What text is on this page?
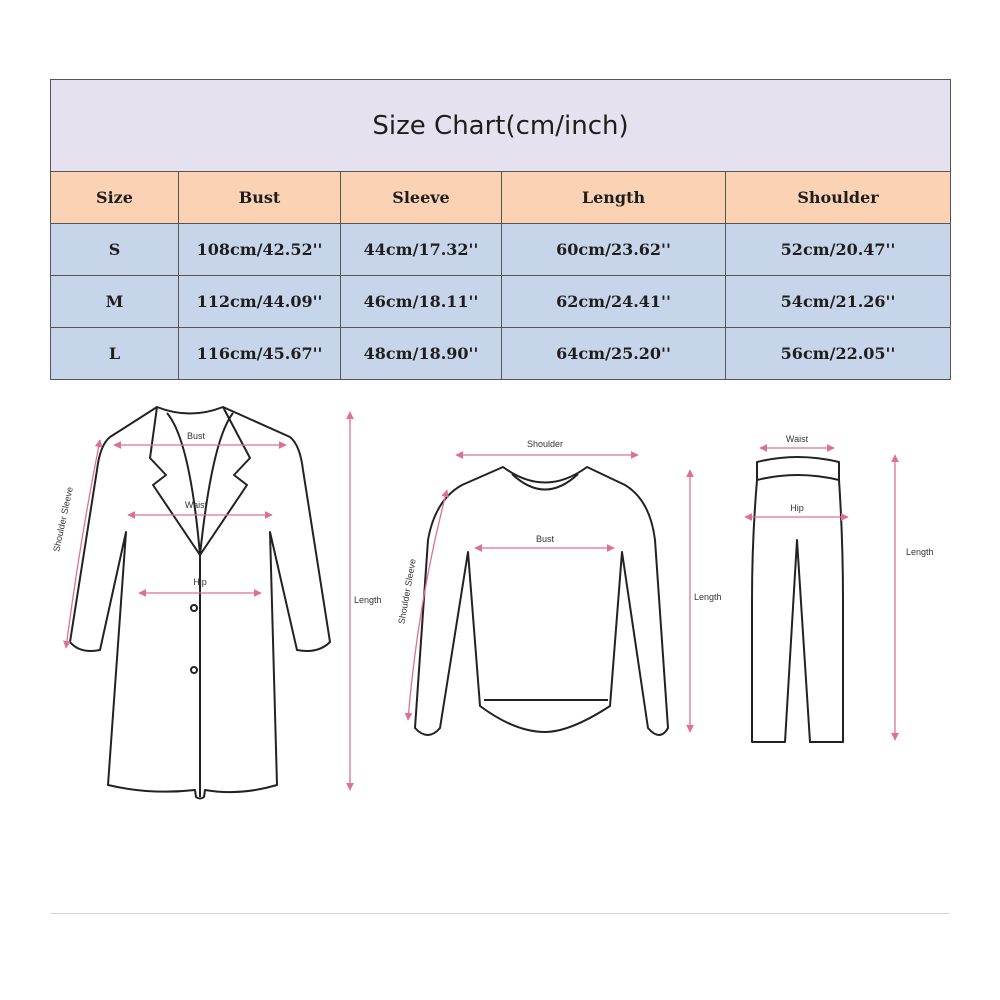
Size Chart(cm/inch)				
Size	Bust	Sleeve	Length	Shoulder
S	108cm/42.52''	44cm/17.32''	60cm/23.62''	52cm/20.47''
M	112cm/44.09''	46cm/18.11''	62cm/24.41''	54cm/21.26''
L	116cm/45.67''	48cm/18.90''	64cm/25.20''	56cm/22.05''
Bust
Waist
Hip
Shoulder Sleeve
Length
Shoulder
Bust
Shoulder Sleeve	Length
Waist
Hip
Length
